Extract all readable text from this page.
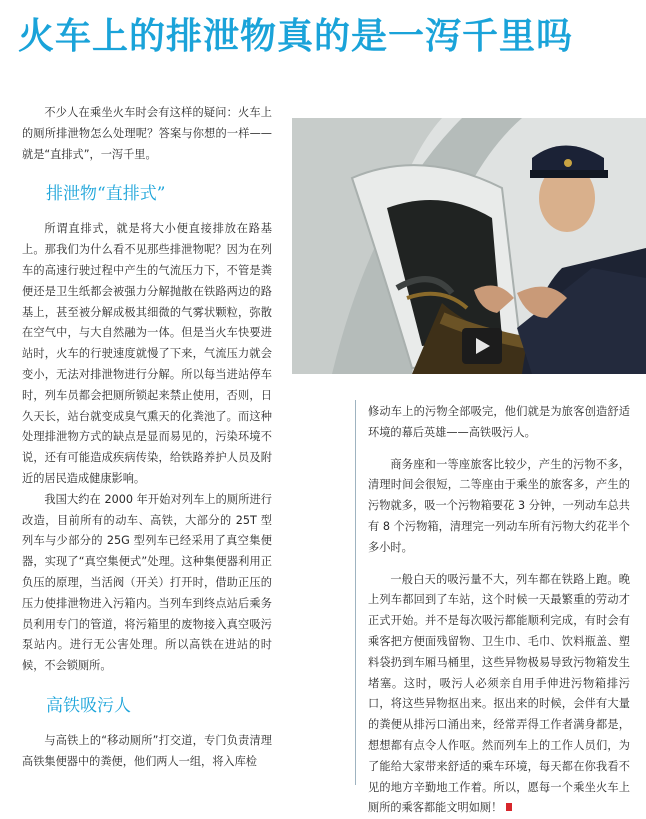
火车上的排泄物真的是一泻千里吗

不少人在乘坐火车时会有这样的疑问：火车上的厕所排泄物怎么处理呢？答案与你想的一样——就是“直排式”，一泻千里。

排泄物“直排式”

所谓直排式，就是将大小便直接排放在路基上。那我们为什么看不见那些排泄物呢？因为在列车的高速行驶过程中产生的气流压力下，不管是粪便还是卫生纸都会被强力分解抛散在铁路两边的路基上，甚至被分解成极其细微的气雾状颗粒，弥散在空气中，与大自然融为一体。但是当火车快要进站时，火车的行驶速度就慢了下来，气流压力就会变小，无法对排泄物进行分解。所以每当进站停车时，列车员都会把厕所锁起来禁止使用，否则，日久天长，站台就变成臭气熏天的化粪池了。而这种处理排泄物方式的缺点是显而易见的，污染环境不说，还有可能造成疾病传染，给铁路养护人员及附近的居民造成健康影响。

我国大约在 2000 年开始对列车上的厕所进行改造，目前所有的动车、高铁，大部分的 25T 型列车与少部分的 25G 型列车已经采用了真空集便器，实现了“真空集便式”处理。这种集便器利用正负压的原理，当活阀（开关）打开时，借助正压的压力使排泄物进入污箱内。当列车到终点站后乘务员利用专门的管道，将污箱里的废物接入真空吸污泵站内。进行无公害处理。所以高铁在进站的时候，不会锁厕所。

高铁吸污人

与高铁上的“移动厕所”打交道，专门负责清理高铁集便器中的粪便，他们两人一组，将入库检

修动车上的污物全部吸完，他们就是为旅客创造舒适环境的幕后英雄——高铁吸污人。

商务座和一等座旅客比较少，产生的污物不多，清理时间会很短，二等座由于乘坐的旅客多，产生的污物就多，吸一个污物箱要花 3 分钟，一列动车总共有 8 个污物箱，清理完一列动车所有污物大约花半个多小时。

一般白天的吸污量不大，列车都在铁路上跑。晚上列车都回到了车站，这个时候一天最繁重的劳动才正式开始。并不是每次吸污都能顺利完成，有时会有乘客把方便面残留物、卫生巾、毛巾、饮料瓶盖、塑料袋扔到车厢马桶里，这些异物极易导致污物箱发生堵塞。这时，吸污人必须亲自用手伸进污物箱排污口，将这些异物抠出来。抠出来的时候，会伴有大量的粪便从排污口涌出来，经常弄得工作者满身都是，想想都有点令人作呕。然而列车上的工作人员们，为了能给大家带来舒适的乘车环境，每天都在你我看不见的地方辛勤地工作着。所以，愿每一个乘坐火车上厕所的乘客都能文明如厕！
